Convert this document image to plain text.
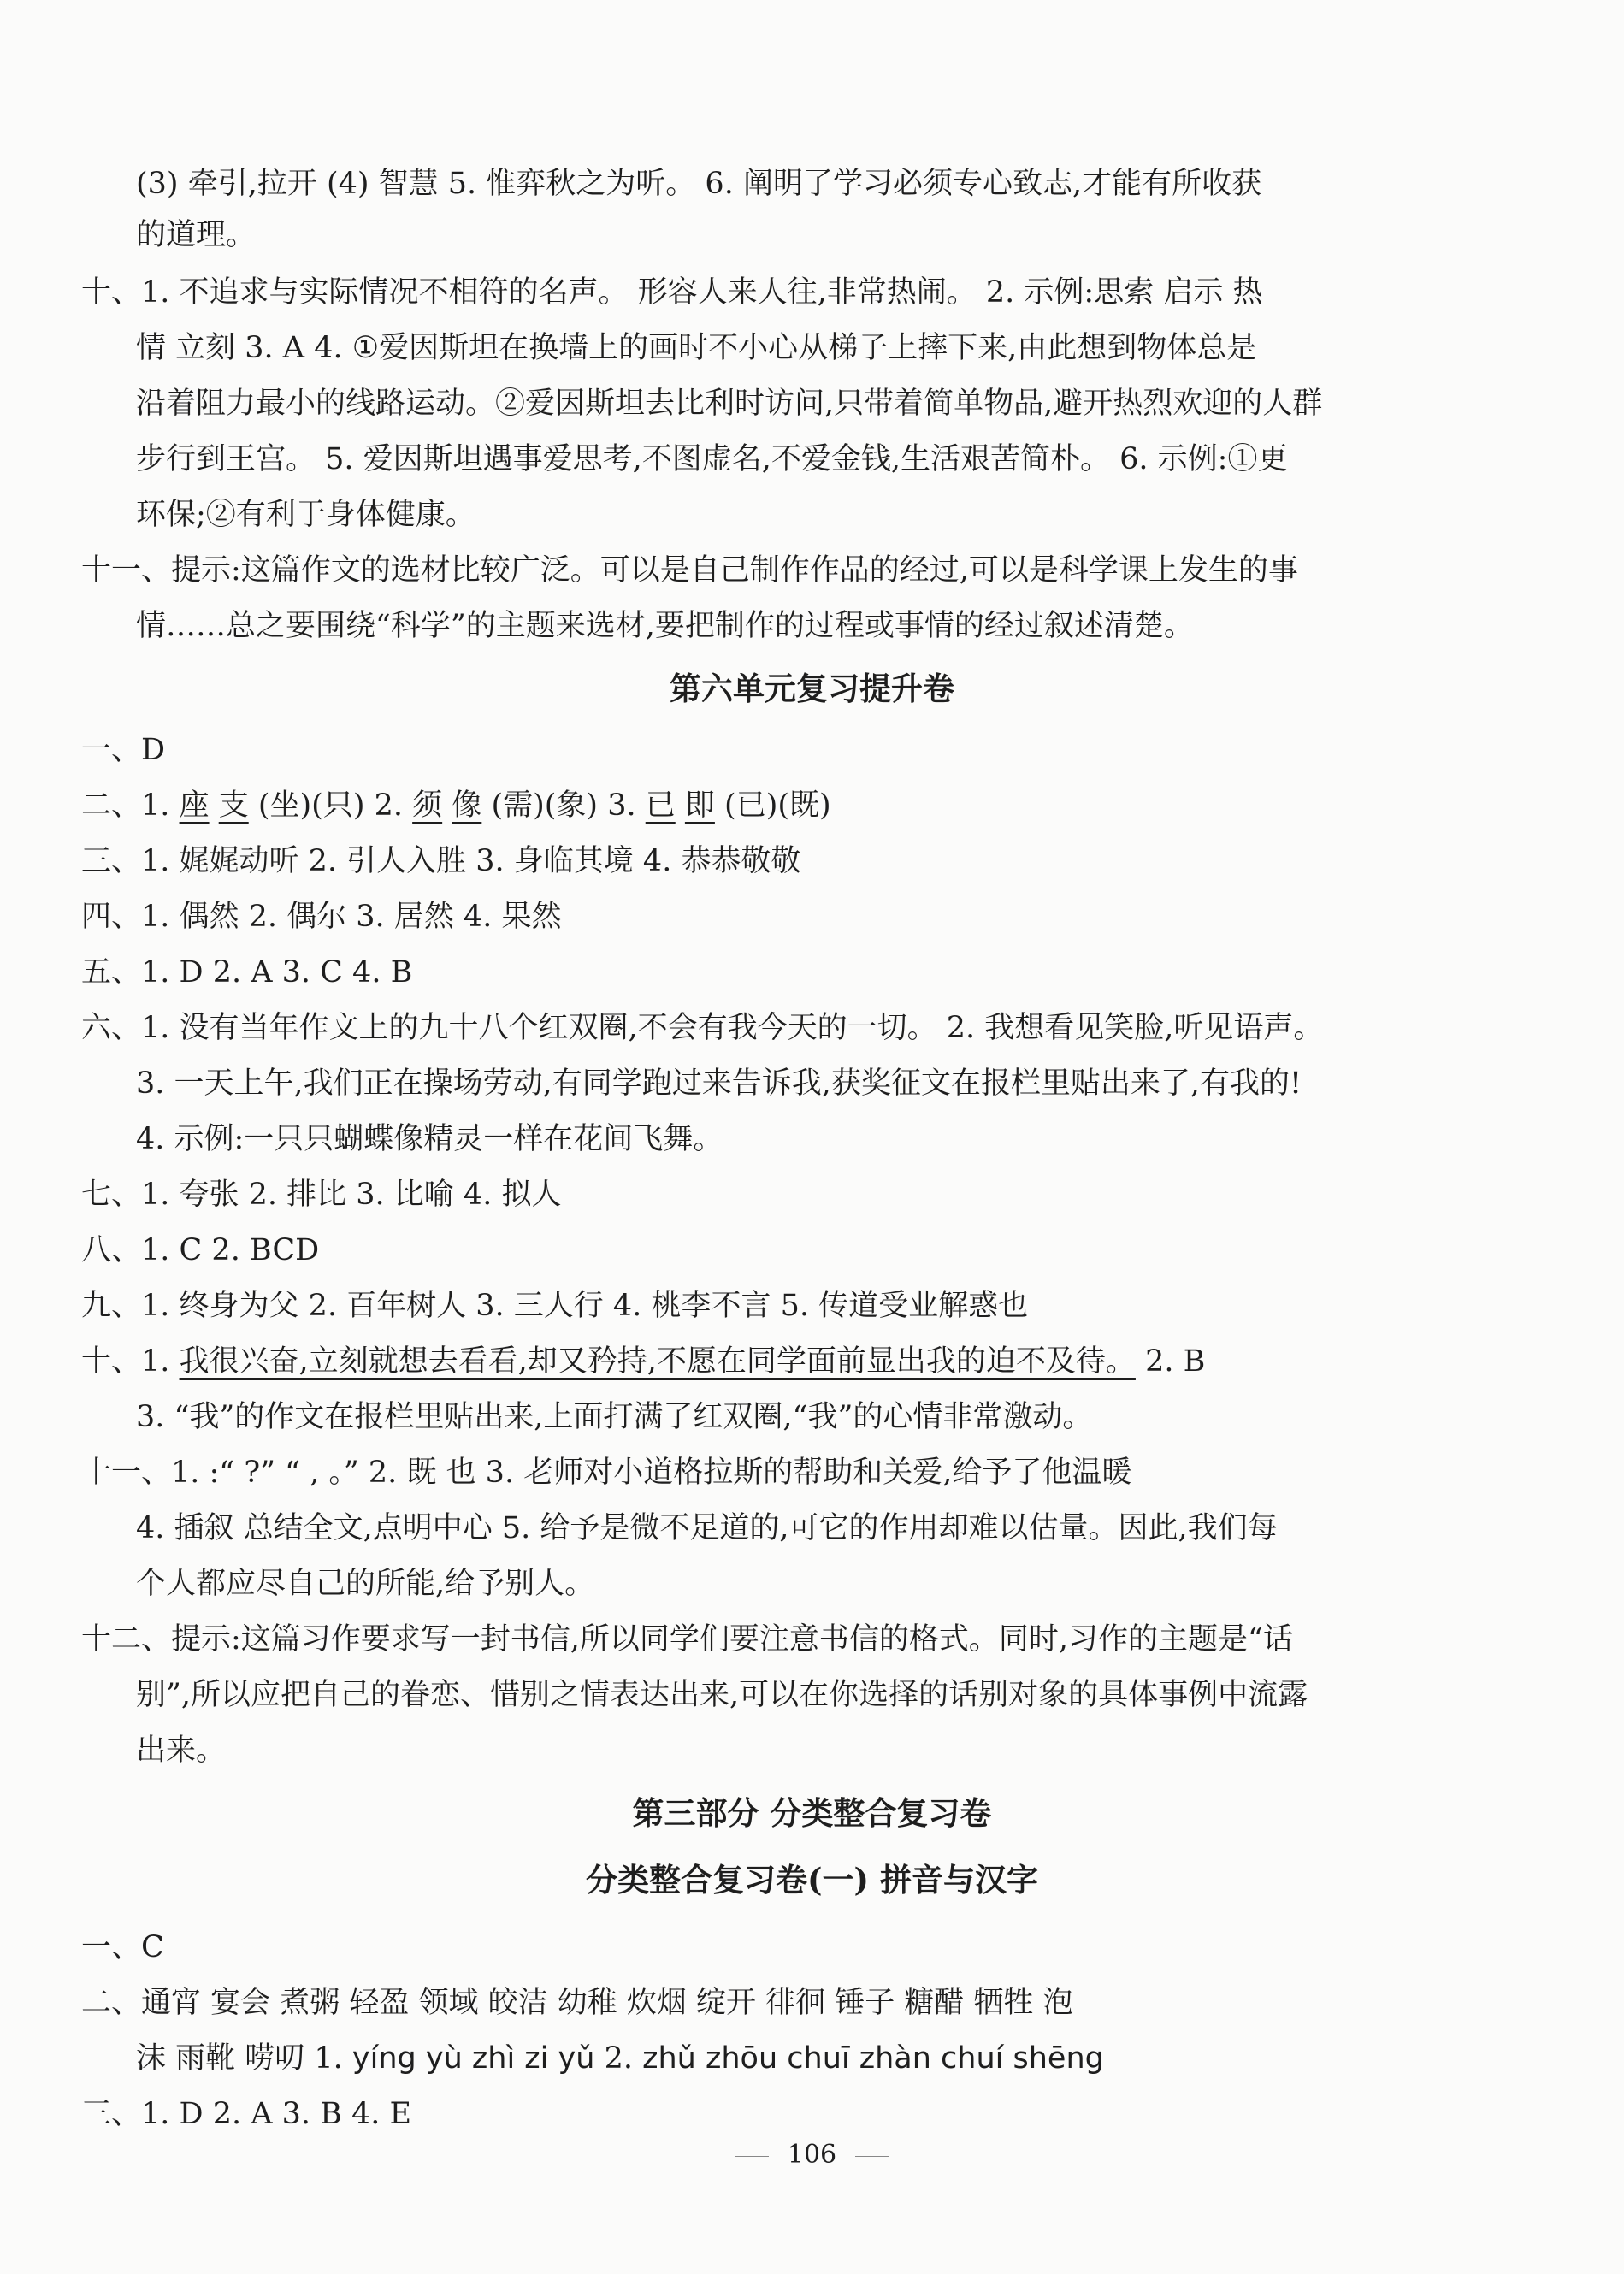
(3) 牵引,拉开 (4) 智慧 5. 惟弈秋之为听。 6. 阐明了学习必须专心致志,才能有所收获
的道理。
十、1. 不追求与实际情况不相符的名声。 形容人来人往,非常热闹。 2. 示例:思索 启示 热
情 立刻 3. A 4. ①爱因斯坦在换墙上的画时不小心从梯子上摔下来,由此想到物体总是
沿着阻力最小的线路运动。②爱因斯坦去比利时访问,只带着简单物品,避开热烈欢迎的人群
步行到王宫。 5. 爱因斯坦遇事爱思考,不图虚名,不爱金钱,生活艰苦简朴。 6. 示例:①更
环保;②有利于身体健康。
十一、提示:这篇作文的选材比较广泛。可以是自己制作作品的经过,可以是科学课上发生的事
情……总之要围绕“科学”的主题来选材,要把制作的过程或事情的经过叙述清楚。
第六单元复习提升卷
一、D
二、1. 座 支 (坐)(只) 2. 须 像 (需)(象) 3. 已 即 (已)(既)
三、1. 娓娓动听 2. 引人入胜 3. 身临其境 4. 恭恭敬敬
四、1. 偶然 2. 偶尔 3. 居然 4. 果然
五、1. D 2. A 3. C 4. B
六、1. 没有当年作文上的九十八个红双圈,不会有我今天的一切。 2. 我想看见笑脸,听见语声。
3. 一天上午,我们正在操场劳动,有同学跑过来告诉我,获奖征文在报栏里贴出来了,有我的!
4. 示例:一只只蝴蝶像精灵一样在花间飞舞。
七、1. 夸张 2. 排比 3. 比喻 4. 拟人
八、1. C 2. BCD
九、1. 终身为父 2. 百年树人 3. 三人行 4. 桃李不言 5. 传道受业解惑也
十、1. 我很兴奋,立刻就想去看看,却又矜持,不愿在同学面前显出我的迫不及待。 2. B
3. “我”的作文在报栏里贴出来,上面打满了红双圈,“我”的心情非常激动。
十一、1. :“ ?” “ , 。” 2. 既 也 3. 老师对小道格拉斯的帮助和关爱,给予了他温暖
4. 插叙 总结全文,点明中心 5. 给予是微不足道的,可它的作用却难以估量。因此,我们每
个人都应尽自己的所能,给予别人。
十二、提示:这篇习作要求写一封书信,所以同学们要注意书信的格式。同时,习作的主题是“话
别”,所以应把自己的眷恋、惜别之情表达出来,可以在你选择的话别对象的具体事例中流露
出来。
第三部分 分类整合复习卷
分类整合复习卷(一) 拼音与汉字
一、C
二、通宵 宴会 煮粥 轻盈 领域 皎洁 幼稚 炊烟 绽开 徘徊 锤子 糖醋 牺牲 泡
沫 雨靴 唠叨 1. yíng yù zhì zi yǔ 2. zhǔ zhōu chuī zhàn chuí shēng
三、1. D 2. A 3. B 4. E
106
